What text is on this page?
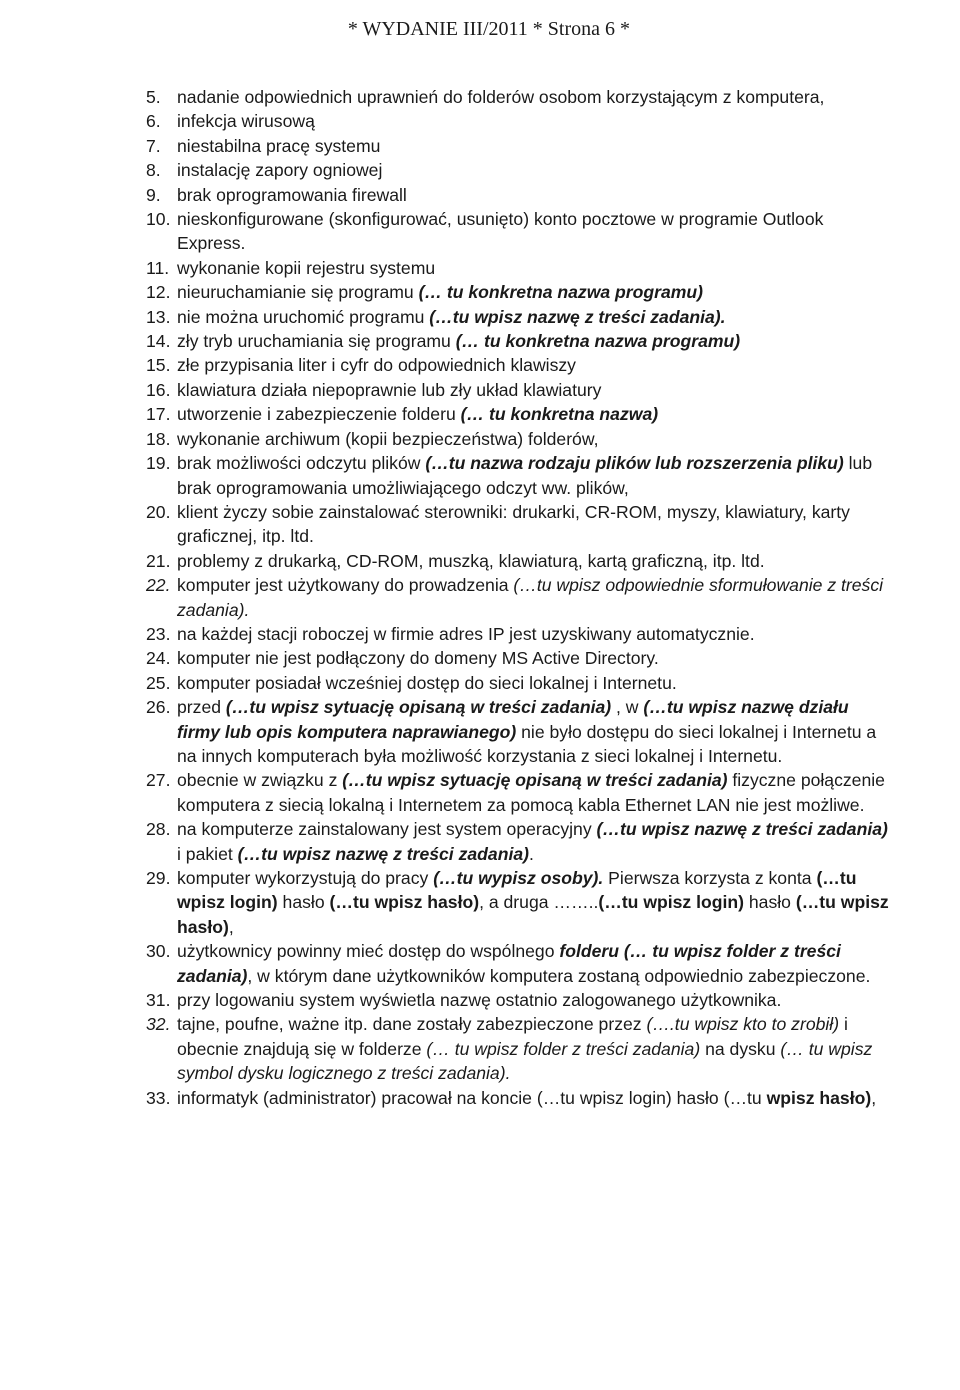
* WYDANIE III/2011 * Strona 6 *
5. nadanie odpowiednich uprawnień do folderów osobom korzystającym z komputera,
6. infekcja wirusową
7. niestabilna pracę systemu
8. instalację zapory ogniowej
9. brak oprogramowania firewall
10. nieskonfigurowane (skonfigurować, usunięto) konto pocztowe w programie Outlook Express.
11. wykonanie kopii rejestru systemu
12. nieuruchamianie się programu (… tu konkretna nazwa programu)
13. nie można uruchomić programu (…tu wpisz nazwę z treści zadania).
14. zły tryb uruchamiania się programu (… tu konkretna nazwa programu)
15. złe przypisania liter i cyfr do odpowiednich klawiszy
16. klawiatura działa niepoprawnie lub zły układ klawiatury
17. utworzenie i zabezpieczenie folderu (… tu konkretna nazwa)
18. wykonanie archiwum (kopii bezpieczeństwa) folderów,
19. brak możliwości odczytu plików (…tu nazwa rodzaju plików lub rozszerzenia pliku) lub brak oprogramowania umożliwiającego odczyt ww. plików,
20. klient życzy sobie zainstalować sterowniki: drukarki, CR-ROM, myszy, klawiatury, karty graficznej, itp. ltd.
21. problemy z drukarką, CD-ROM, muszką, klawiaturą, kartą graficzną, itp. ltd.
22. komputer jest użytkowany do prowadzenia (…tu wpisz odpowiednie sformułowanie z treści zadania).
23. na każdej stacji roboczej w firmie adres IP jest uzyskiwany automatycznie.
24. komputer nie jest podłączony do domeny MS Active Directory.
25. komputer posiadał wcześniej dostęp do sieci lokalnej i Internetu.
26. przed (…tu wpisz sytuację opisaną w treści zadania) , w (…tu wpisz nazwę działu firmy lub opis komputera naprawianego) nie było dostępu do sieci lokalnej i Internetu a na innych komputerach była możliwość korzystania z sieci lokalnej i Internetu.
27. obecnie w związku z (…tu wpisz sytuację opisaną w treści zadania) fizyczne połączenie komputera z siecią lokalną i Internetem za pomocą kabla Ethernet LAN nie jest możliwe.
28. na komputerze zainstalowany jest system operacyjny (…tu wpisz nazwę z treści zadania) i pakiet (…tu wpisz nazwę z treści zadania).
29. komputer wykorzystują do pracy (…tu wypisz osoby). Pierwsza korzysta z konta (…tu wpisz login) hasło (…tu wpisz hasło), a druga ……..(…tu wpisz login) hasło (…tu wpisz hasło),
30. użytkownicy powinny mieć dostęp do wspólnego folderu (… tu wpisz folder z treści zadania), w którym dane użytkowników komputera zostaną odpowiednio zabezpieczone.
31. przy logowaniu system wyświetla nazwę ostatnio zalogowanego użytkownika.
32. tajne, poufne, ważne itp. dane zostały zabezpieczone przez (….tu wpisz kto to zrobił) i obecnie znajdują się w folderze (… tu wpisz folder z treści zadania) na dysku (… tu wpisz symbol dysku logicznego z treści zadania).
33. informatyk (administrator) pracował na koncie (…tu wpisz login) hasło (…tu wpisz hasło),
